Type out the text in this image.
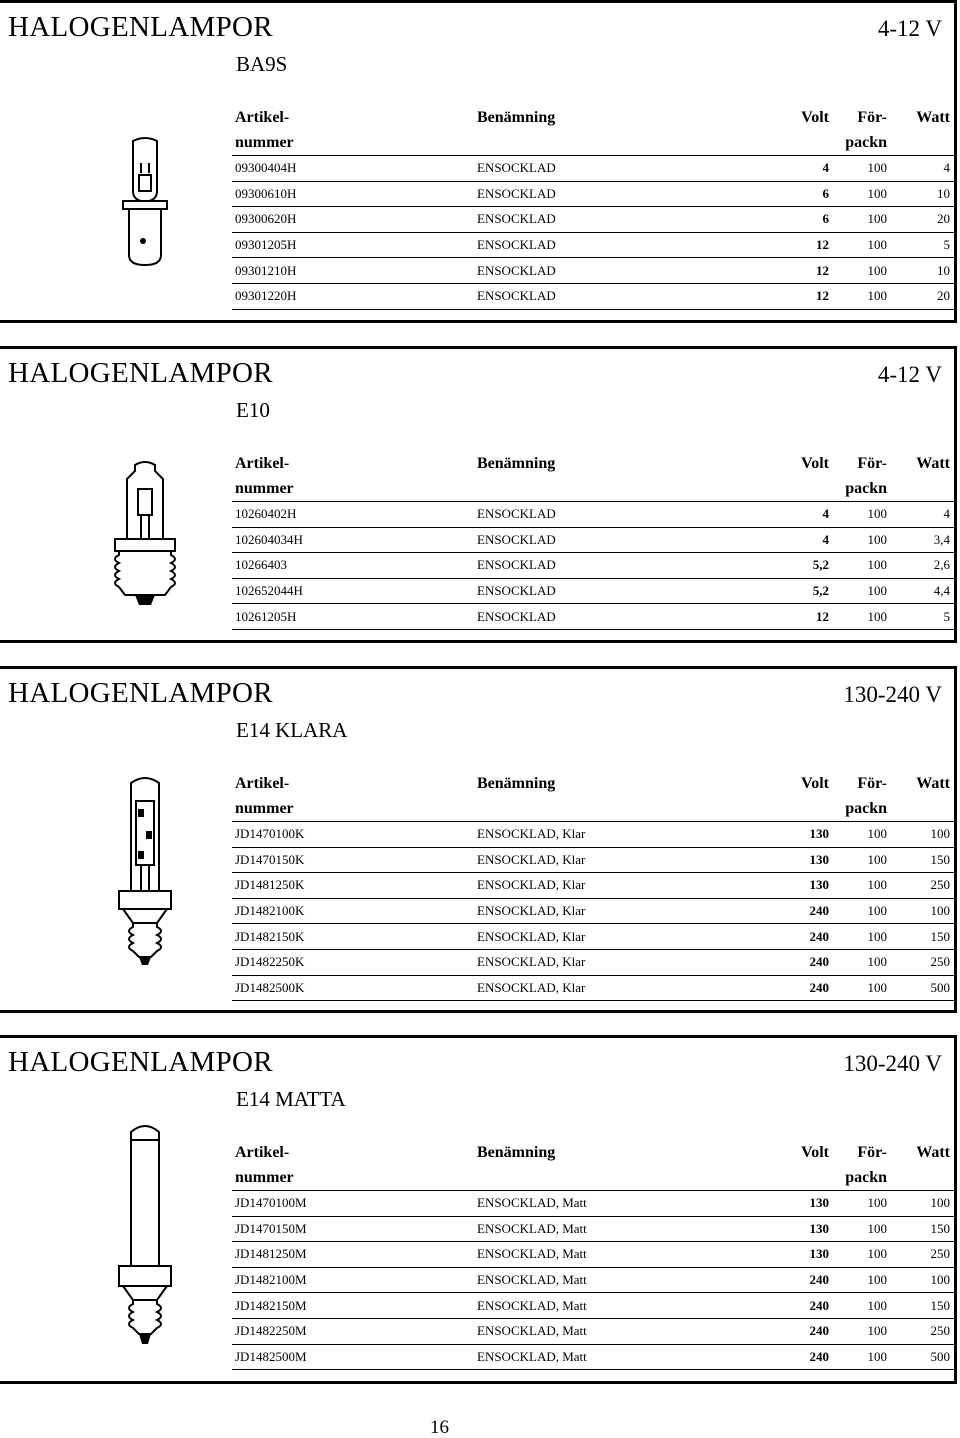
HALOGENLAMPOR	4-12 V
BA9S
Artikel-	Benämning	Volt	För-	Watt
nummer			packn	
09300404H	ENSOCKLAD	4	100	4
09300610H	ENSOCKLAD	6	100	10
09300620H	ENSOCKLAD	6	100	20
09301205H	ENSOCKLAD	12	100	5
09301210H	ENSOCKLAD	12	100	10
09301220H	ENSOCKLAD	12	100	20
HALOGENLAMPOR	4-12 V
E10
Artikel-	Benämning	Volt	För-	Watt
nummer			packn	
10260402H	ENSOCKLAD	4	100	4
102604034H	ENSOCKLAD	4	100	3,4
10266403	ENSOCKLAD	5,2	100	2,6
102652044H	ENSOCKLAD	5,2	100	4,4
10261205H	ENSOCKLAD	12	100	5
HALOGENLAMPOR	130-240 V
E14 KLARA
Artikel-	Benämning	Volt	För-	Watt
nummer			packn	
JD1470100K	ENSOCKLAD, Klar	130	100	100
JD1470150K	ENSOCKLAD, Klar	130	100	150
JD1481250K	ENSOCKLAD, Klar	130	100	250
JD1482100K	ENSOCKLAD, Klar	240	100	100
JD1482150K	ENSOCKLAD, Klar	240	100	150
JD1482250K	ENSOCKLAD, Klar	240	100	250
JD1482500K	ENSOCKLAD, Klar	240	100	500
HALOGENLAMPOR	130-240 V
E14 MATTA
Artikel-	Benämning	Volt	För-	Watt
nummer			packn	
JD1470100M	ENSOCKLAD, Matt	130	100	100
JD1470150M	ENSOCKLAD, Matt	130	100	150
JD1481250M	ENSOCKLAD, Matt	130	100	250
JD1482100M	ENSOCKLAD, Matt	240	100	100
JD1482150M	ENSOCKLAD, Matt	240	100	150
JD1482250M	ENSOCKLAD, Matt	240	100	250
JD1482500M	ENSOCKLAD, Matt	240	100	500
16
